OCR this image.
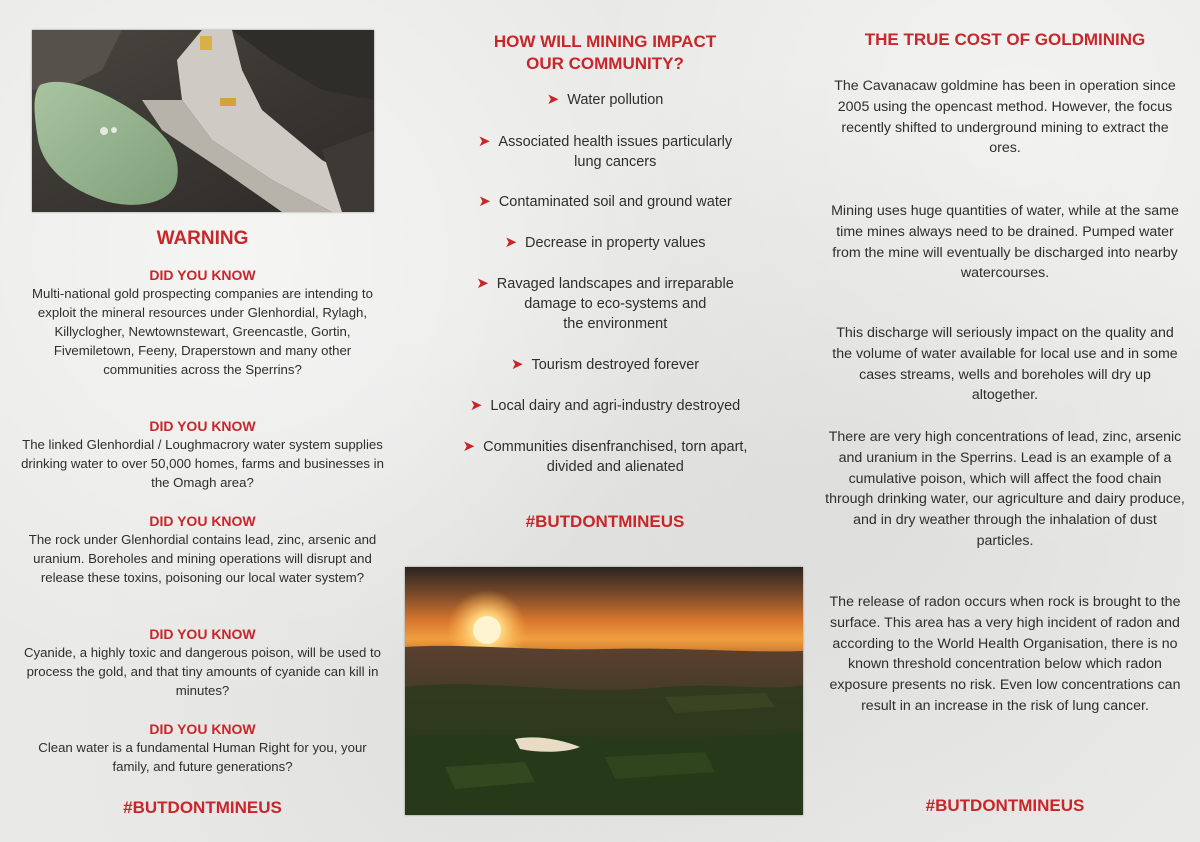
WARNING
DID YOU KNOW
Multi-national gold prospecting companies are intending to exploit the mineral resources under Glenhordial, Rylagh, Killyclogher, Newtownstewart, Greencastle, Gortin, Fivemiletown, Feeny, Draperstown and many other communities across the Sperrins?
DID YOU KNOW
The linked Glenhordial / Loughmacrory water system supplies drinking water to over 50,000 homes, farms and businesses in the Omagh area?
DID YOU KNOW
The rock under Glenhordial contains lead, zinc, arsenic and uranium. Boreholes and mining operations will disrupt and release these toxins, poisoning our local water system?
DID YOU KNOW
Cyanide, a highly toxic and dangerous poison, will be used to process the gold, and that tiny amounts of cyanide can kill in minutes?
DID YOU KNOW
Clean water is a fundamental Human Right for you, your family, and future generations?
#BUTDONTMINEUS
HOW WILL MINING IMPACT
OUR COMMUNITY?
➤ Water pollution
➤ Associated health issues particularly
lung cancers
➤ Contaminated soil and ground water
➤ Decrease in property values
➤ Ravaged landscapes and irreparable
damage to eco-systems and
the environment
➤ Tourism destroyed forever
➤ Local dairy and agri-industry destroyed
➤ Communities disenfranchised, torn apart,
divided and alienated
#BUTDONTMINEUS
THE TRUE COST OF GOLDMINING

The Cavanacaw goldmine has been in operation since 2005 using the opencast method. However, the focus recently shifted to underground mining to extract the ores.

Mining uses huge quantities of water, while at the same time mines always need to be drained. Pumped water from the mine will eventually be discharged into nearby watercourses.

This discharge will seriously impact on the quality and the volume of water available for local use and in some cases streams, wells and boreholes will dry up altogether.

There are very high concentrations of lead, zinc, arsenic and uranium in the Sperrins. Lead is an example of a cumulative poison, which will affect the food chain through drinking water, our agriculture and dairy produce, and in dry weather through the inhalation of dust particles.

The release of radon occurs when rock is brought to the surface. This area has a very high incident of radon and according to the World Health Organisation, there is no known threshold concentration below which radon exposure presents no risk. Even low concentrations can result in an increase in the risk of lung cancer.

#BUTDONTMINEUS
